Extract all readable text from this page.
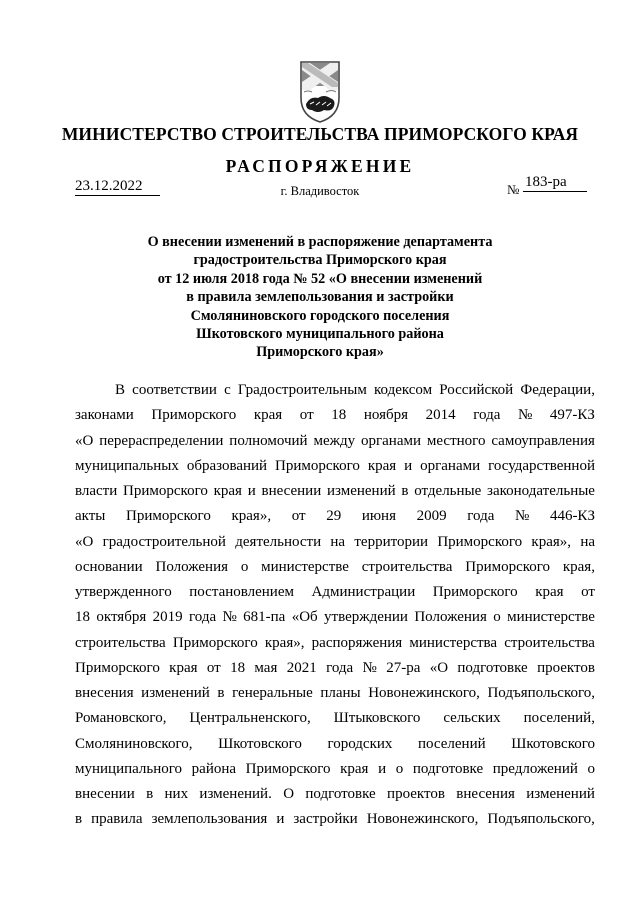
МИНИСТЕРСТВО СТРОИТЕЛЬСТВА ПРИМОРСКОГО КРАЯ
РАСПОРЯЖЕНИЕ
23.12.2022	г. Владивосток	№ 183-ра
О внесении изменений в распоряжение департамента
градостроительства Приморского края
от 12 июля 2018 года № 52 «О внесении изменений
в правила землепользования и застройки
Смоляниновского городского поселения
Шкотовского муниципального района
Приморского края»
В соответствии с Градостроительным кодексом Российской Федерации,
законами Приморского края от 18 ноября 2014 года № 497-КЗ
«О перераспределении полномочий между органами местного самоуправления
муниципальных образований Приморского края и органами государственной
власти Приморского края и внесении изменений в отдельные законодательные
акты Приморского края», от 29 июня 2009 года № 446-КЗ
«О градостроительной деятельности на территории Приморского края», на
основании Положения о министерстве строительства Приморского края,
утвержденного постановлением Администрации Приморского края от
18 октября 2019 года № 681-па «Об утверждении Положения о министерстве
строительства Приморского края», распоряжения министерства строительства
Приморского края от 18 мая 2021 года № 27-ра «О подготовке проектов
внесения изменений в генеральные планы Новонежинского, Подъяпольского,
Романовского, Центральненского, Штыковского сельских поселений,
Смоляниновского, Шкотовского городских поселений Шкотовского
муниципального района Приморского края и о подготовке предложений о
внесении в них изменений. О подготовке проектов внесения изменений
в правила землепользования и застройки Новонежинского, Подъяпольского,
